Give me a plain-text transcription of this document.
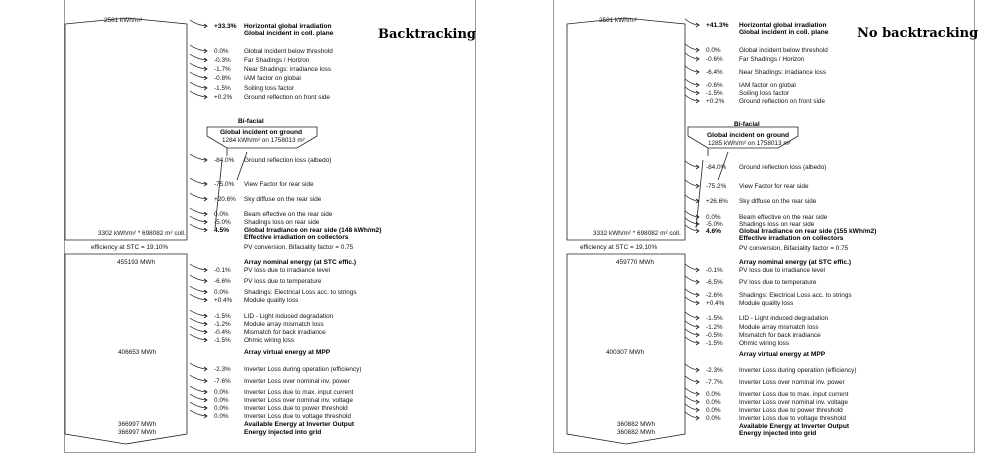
+33.3% Horizontal global irradiation
Global incident in coll. plane
0.0% Global incident below threshold
-0.3% Far Shadings / Horizon
-1.7% Near Shadings: irradiance loss
-0.8% IAM factor on global
-1.5% Soiling loss factor
+0.2% Ground reflection on front side
-84.0% Ground reflection loss (albedo)
-75.0% View Factor for rear side
+20.6% Sky diffuse on the rear side
0.0% Beam effective on the rear side
-5.0% Shadings loss on rear side
4.5% Global Irradiance on rear side (148 kWh/m2)
Effective irradiation on collectors
PV conversion, Bifaciality factor = 0.75
Array nominal energy (at STC effic.)
-0.1% PV loss due to irradiance level
-6.6% PV loss due to temperature
0.0% Shadings: Electrical Loss acc. to strings
+0.4% Module quality loss
-1.5% LID - Light induced degradation
-1.2% Module array mismatch loss
-0.4% Mismatch for back irradiance
-1.5% Ohmic wiring loss
Array virtual energy at MPP
-2.3% Inverter Loss during operation (efficiency)
-7.6% Inverter Loss over nominal inv. power
0.0% Inverter Loss due to max. input current
0.0% Inverter Loss over nominal inv. voltage
0.0% Inverter Loss due to power threshold
0.0% Inverter Loss due to voltage threshold
Available Energy at Inverter Output
Energy injected into grid
Backtracking
2581 kWh/m²
Bi-facial
Global incident on ground
1284 kWh/m² on 1758013 m²
3302 kWh/m² * 698082 m² coll.
efficiency at STC = 19.10%
455193 MWh
406653 MWh
366997 MWh
366997 MWh
+41.3% Horizontal global irradiation
Global incident in coll. plane
0.0%	Global incident below threshold
-0.6%	Far Shadings / Horizon
-6.4%	Near Shadings: irradiance loss
-0.6%	IAM factor on global
-1.5%	Soiling loss factor
+0.2% Ground reflection on front side
-84.0% Ground reflection loss (albedo)
-75.2% View Factor for rear side
+26.6% Sky diffuse on the rear side
0.0%	Beam effective on the rear side
-5.0%	Shadings loss on rear side
4.6%	Global Irradiance on rear side (155 kWh/m2)
Effective irradiation on collectors
PV conversion, Bifaciality factor = 0.75
Array nominal energy (at STC effic.)
-0.1%	PV loss due to irradiance level
-6.5%	PV loss due to temperature
-2.6%	Shadings: Electrical Loss acc. to strings
+0.4% Module quality loss
-1.5%	LID - Light induced degradation
-1.2%	Module array mismatch loss
-0.5%	Mismatch for back irradiance
-1.5%	Ohmic wiring loss
Array virtual energy at MPP
-2.3%	Inverter Loss during operation (efficiency)
-7.7%	Inverter Loss over nominal inv. power
0.0%	Inverter Loss due to max. input current
0.0%	Inverter Loss over nominal inv. voltage
0.0%	Inverter Loss due to power threshold
0.0%	Inverter Loss due to voltage threshold
Available Energy at Inverter Output
Energy injected into grid
No backtracking
2581 kWh/m²
Bi-facial
Global incident on ground
1285 kWh/m² on 1758013 m²
3332 kWh/m² * 698082 m² coll.
efficiency at STC = 19.10%
459770 MWh
400307 MWh
360882 MWh
360882 MWh
